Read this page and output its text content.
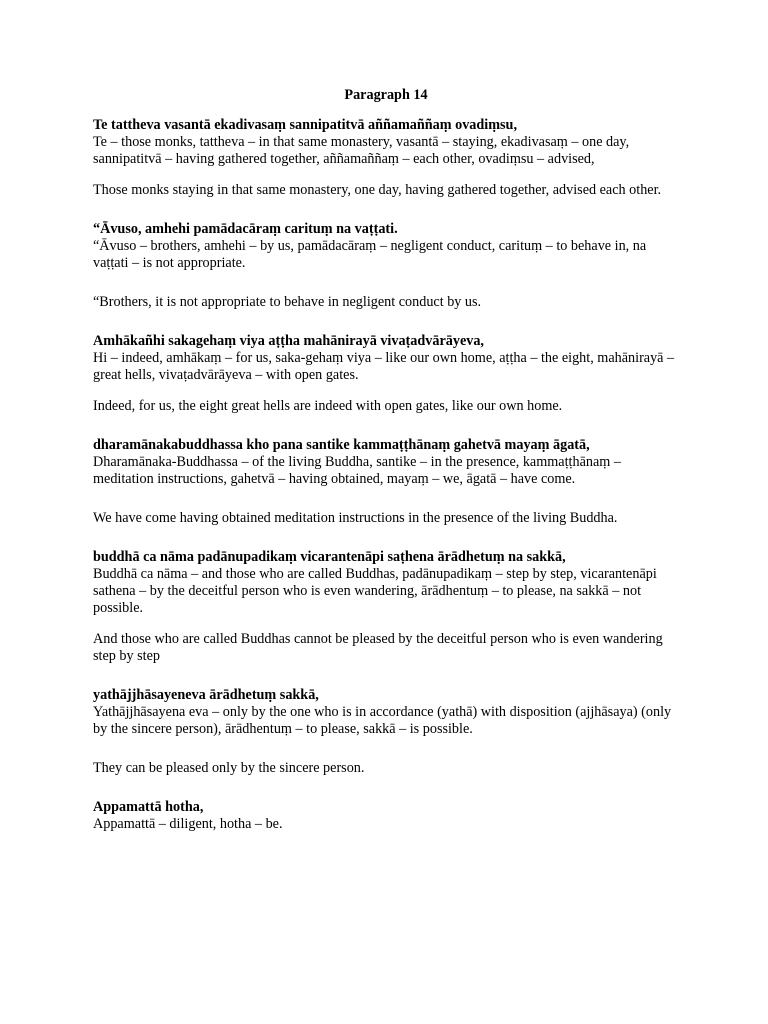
Paragraph 14

Te tattheva vasantā ekadivasaṃ sannipatitvā aññamaññaṃ ovadiṃsu,

Te – those monks, tattheva – in that same monastery, vasantā – staying, ekadivasaṃ – one day, sannipatitvā – having gathered together, aññamaññaṃ – each other, ovadiṃsu – advised,

Those monks staying in that same monastery, one day, having gathered together, advised each other.

“Āvuso, amhehi pamādacāraṃ carituṃ na vaṭṭati.

“Āvuso – brothers, amhehi – by us, pamādacāraṃ – negligent conduct, carituṃ – to behave in, na vaṭṭati – is not appropriate.

“Brothers, it is not appropriate to behave in negligent conduct by us.

Amhākañhi sakagehaṃ viya aṭṭha mahānirayā vivaṭadvārāyeva,

Hi – indeed, amhākaṃ – for us, saka-gehaṃ viya – like our own home, aṭṭha – the eight, mahānirayā – great hells, vivaṭadvārāyeva – with open gates.

Indeed, for us, the eight great hells are indeed with open gates, like our own home.

dharamānakabuddhassa kho pana santike kammaṭṭhānaṃ gahetvā mayaṃ āgatā,

Dharamānaka-Buddhassa – of the living Buddha, santike – in the presence, kammaṭṭhānaṃ – meditation instructions, gahetvā – having obtained, mayaṃ – we, āgatā – have come.

We have come having obtained meditation instructions in the presence of the living Buddha.

buddhā ca nāma padānupadikaṃ vicarantenāpi saṭhena ārādhetuṃ na sakkā,

Buddhā ca nāma – and those who are called Buddhas, padānupadikaṃ – step by step, vicarantenāpi sathena – by the deceitful person who is even wandering, ārādhentuṃ – to please, na sakkā – not possible.

And those who are called Buddhas cannot be pleased by the deceitful person who is even wandering step by step

yathājjhāsayeneva ārādhetuṃ sakkā,

Yathājjhāsayena eva – only by the one who is in accordance (yathā) with disposition (ajjhāsaya) (only by the sincere person), ārādhentuṃ – to please, sakkā – is possible.

They can be pleased only by the sincere person.

Appamattā hotha,

Appamattā – diligent, hotha – be.
